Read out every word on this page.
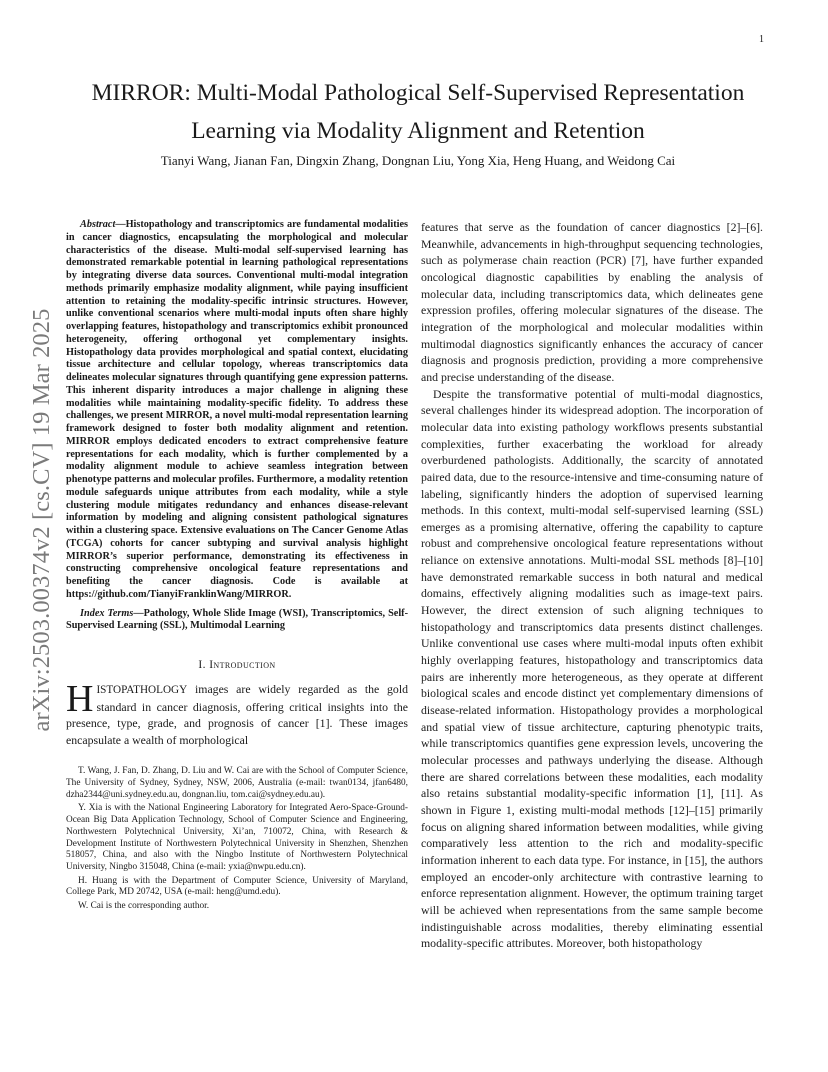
1
arXiv:2503.00374v2 [cs.CV] 19 Mar 2025
MIRROR: Multi-Modal Pathological Self-Supervised Representation Learning via Modality Alignment and Retention

Tianyi Wang, Jianan Fan, Dingxin Zhang, Dongnan Liu, Yong Xia, Heng Huang, and Weidong Cai

Abstract—Histopathology and transcriptomics are fundamental modalities in cancer diagnostics, encapsulating the morphological and molecular characteristics of the disease. Multi-modal self-supervised learning has demonstrated remarkable potential in learning pathological representations by integrating diverse data sources. Conventional multi-modal integration methods primarily emphasize modality alignment, while paying insufficient attention to retaining the modality-specific intrinsic structures. However, unlike conventional scenarios where multi-modal inputs often share highly overlapping features, histopathology and transcriptomics exhibit pronounced heterogeneity, offering orthogonal yet complementary insights. Histopathology data provides morphological and spatial context, elucidating tissue architecture and cellular topology, whereas transcriptomics data delineates molecular signatures through quantifying gene expression patterns. This inherent disparity introduces a major challenge in aligning these modalities while maintaining modality-specific fidelity. To address these challenges, we present MIRROR, a novel multi-modal representation learning framework designed to foster both modality alignment and retention. MIRROR employs dedicated encoders to extract comprehensive feature representations for each modality, which is further complemented by a modality alignment module to achieve seamless integration between phenotype patterns and molecular profiles. Furthermore, a modality retention module safeguards unique attributes from each modality, while a style clustering module mitigates redundancy and enhances disease-relevant information by modeling and aligning consistent pathological signatures within a clustering space. Extensive evaluations on The Cancer Genome Atlas (TCGA) cohorts for cancer subtyping and survival analysis highlight MIRROR’s superior performance, demonstrating its effectiveness in constructing comprehensive oncological feature representations and benefiting the cancer diagnosis. Code is available at https://github.com/TianyiFranklinWang/MIRROR.

Index Terms—Pathology, Whole Slide Image (WSI), Transcriptomics, Self-Supervised Learning (SSL), Multimodal Learning

I. Introduction

HISTOPATHOLOGY images are widely regarded as the gold standard in cancer diagnosis, offering critical insights into the presence, type, grade, and prognosis of cancer [1]. These images encapsulate a wealth of morphological

T. Wang, J. Fan, D. Zhang, D. Liu and W. Cai are with the School of Computer Science, The University of Sydney, Sydney, NSW, 2006, Australia (e-mail: twan0134, jfan6480, dzha2344@uni.sydney.edu.au, dongnan.liu, tom.cai@sydney.edu.au).

Y. Xia is with the National Engineering Laboratory for Integrated Aero-Space-Ground-Ocean Big Data Application Technology, School of Computer Science and Engineering, Northwestern Polytechnical University, Xi’an, 710072, China, with Research & Development Institute of Northwestern Polytechnical University in Shenzhen, Shenzhen 518057, China, and also with the Ningbo Institute of Northwestern Polytechnical University, Ningbo 315048, China (e-mail: yxia@nwpu.edu.cn).

H. Huang is with the Department of Computer Science, University of Maryland, College Park, MD 20742, USA (e-mail: heng@umd.edu).

W. Cai is the corresponding author.

features that serve as the foundation of cancer diagnostics [2]–[6]. Meanwhile, advancements in high-throughput sequencing technologies, such as polymerase chain reaction (PCR) [7], have further expanded oncological diagnostic capabilities by enabling the analysis of molecular data, including transcriptomics data, which delineates gene expression profiles, offering molecular signatures of the disease. The integration of the morphological and molecular modalities within multimodal diagnostics significantly enhances the accuracy of cancer diagnosis and prognosis prediction, providing a more comprehensive and precise understanding of the disease.

Despite the transformative potential of multi-modal diagnostics, several challenges hinder its widespread adoption. The incorporation of molecular data into existing pathology workflows presents substantial complexities, further exacerbating the workload for already overburdened pathologists. Additionally, the scarcity of annotated paired data, due to the resource-intensive and time-consuming nature of labeling, significantly hinders the adoption of supervised learning methods. In this context, multi-modal self-supervised learning (SSL) emerges as a promising alternative, offering the capability to capture robust and comprehensive oncological feature representations without reliance on extensive annotations. Multi-modal SSL methods [8]–[10] have demonstrated remarkable success in both natural and medical domains, effectively aligning modalities such as image-text pairs. However, the direct extension of such aligning techniques to histopathology and transcriptomics data presents distinct challenges. Unlike conventional use cases where multi-modal inputs often exhibit highly overlapping features, histopathology and transcriptomics data pairs are inherently more heterogeneous, as they operate at different biological scales and encode distinct yet complementary dimensions of disease-related information. Histopathology provides a morphological and spatial view of tissue architecture, capturing phenotypic traits, while transcriptomics quantifies gene expression levels, uncovering the molecular processes and pathways underlying the disease. Although there are shared correlations between these modalities, each modality also retains substantial modality-specific information [1], [11]. As shown in Figure 1, existing multi-modal methods [12]–[15] primarily focus on aligning shared information between modalities, while giving comparatively less attention to the rich and modality-specific information inherent to each data type. For instance, in [15], the authors employed an encoder-only architecture with contrastive learning to enforce representation alignment. However, the optimum training target will be achieved when representations from the same sample become indistinguishable across modalities, thereby eliminating essential modality-specific attributes. Moreover, both histopathology
